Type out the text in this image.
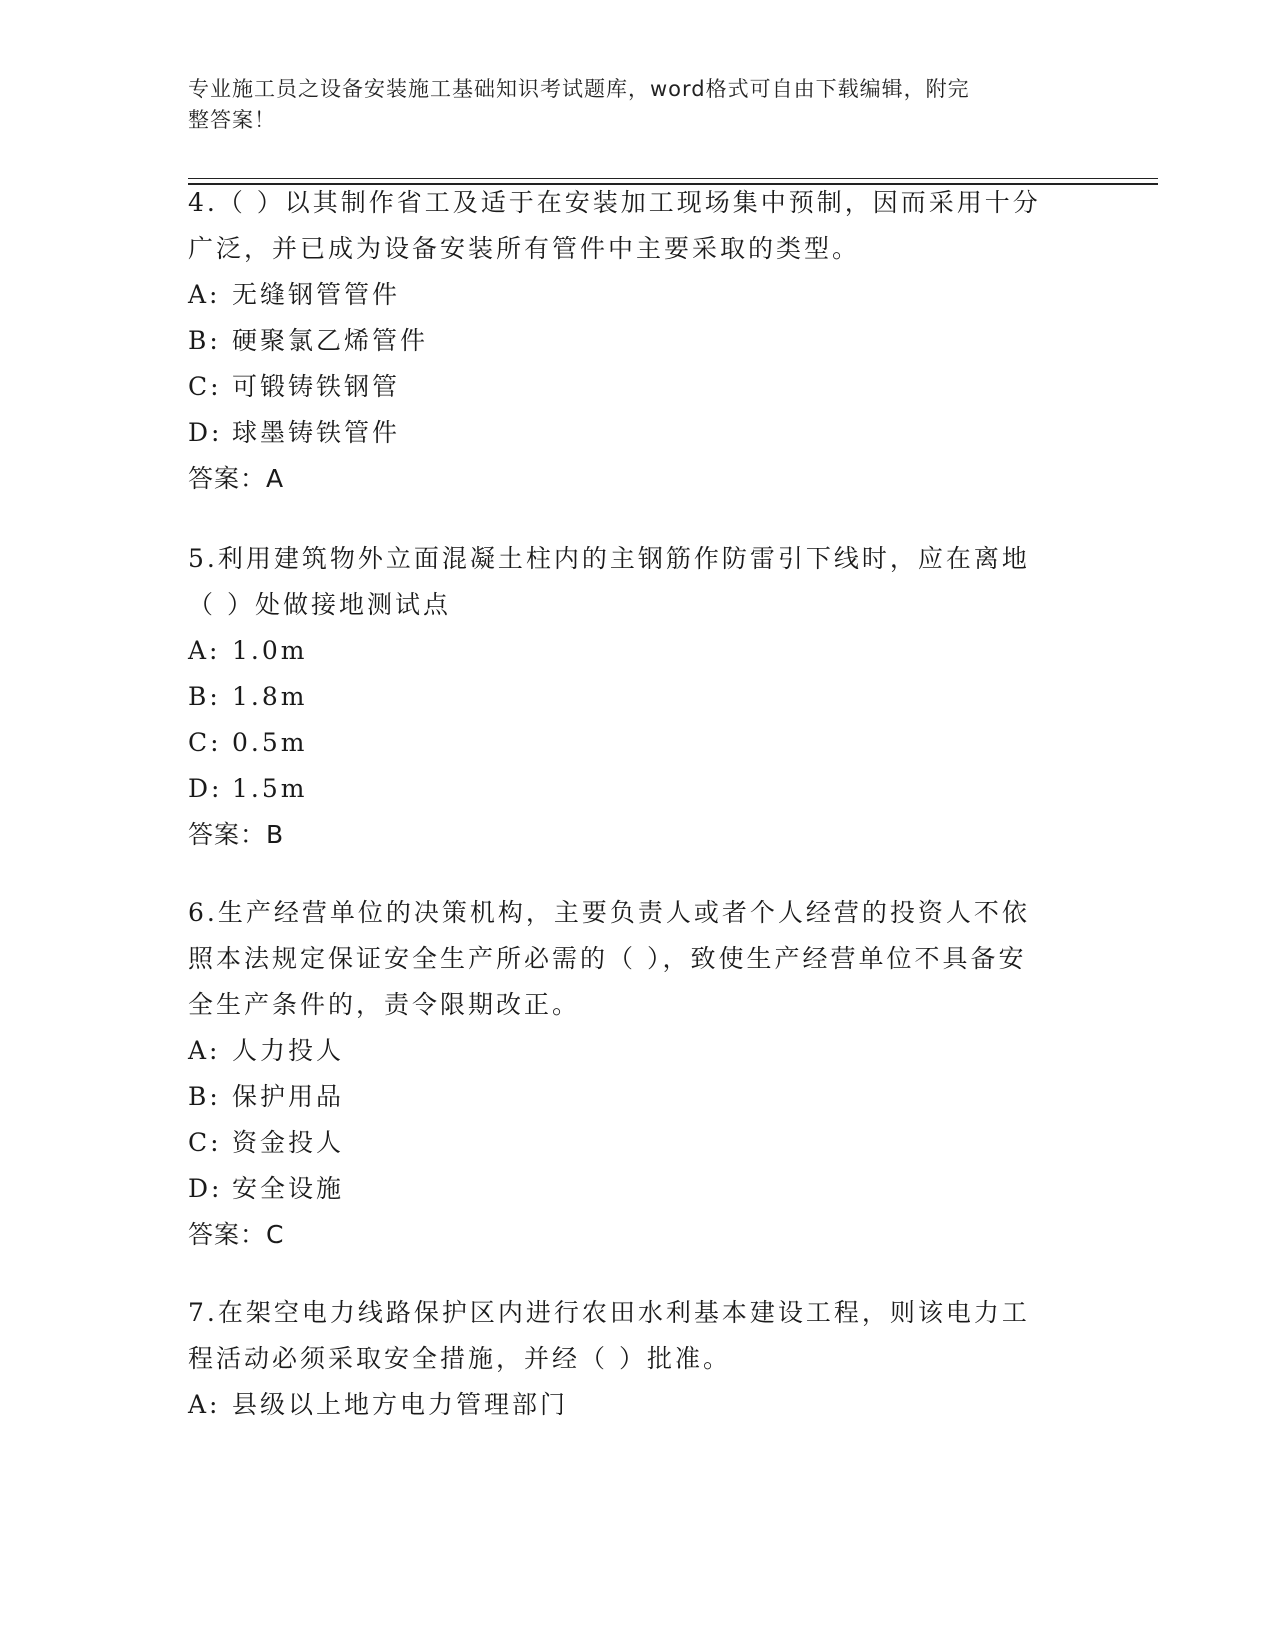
专业施工员之设备安装施工基础知识考试题库，word格式可自由下载编辑，附完
整答案！
4.（ ）以其制作省工及适于在安装加工现场集中预制，因而采用十分
广泛，并已成为设备安装所有管件中主要采取的类型。
A: 无缝钢管管件
B: 硬聚氯乙烯管件
C: 可锻铸铁钢管
D: 球墨铸铁管件
答案：A
5.利用建筑物外立面混凝土柱内的主钢筋作防雷引下线时，应在离地
（ ）处做接地测试点
A: 1.0m
B: 1.8m
C: 0.5m
D: 1.5m
答案：B
6.生产经营单位的决策机构，主要负责人或者个人经营的投资人不依
照本法规定保证安全生产所必需的（ ），致使生产经营单位不具备安
全生产条件的，责令限期改正。
A: 人力投人
B: 保护用品
C: 资金投人
D: 安全设施
答案：C
7.在架空电力线路保护区内进行农田水利基本建设工程，则该电力工
程活动必须采取安全措施，并经（ ）批准。
A: 县级以上地方电力管理部门
